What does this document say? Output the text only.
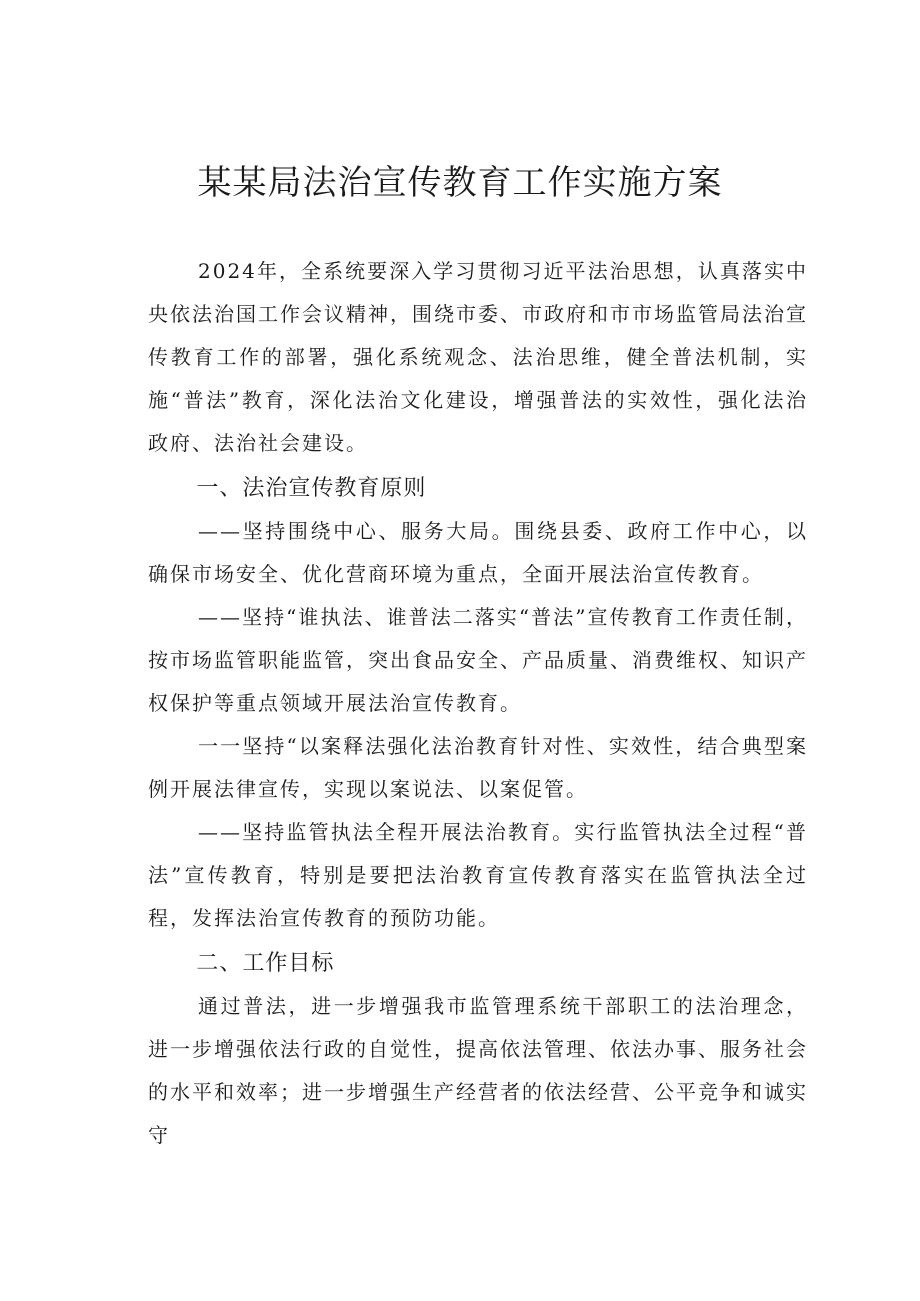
某某局法治宣传教育工作实施方案

2024年，全系统要深入学习贯彻习近平法治思想，认真落实中央依法治国工作会议精神，围绕市委、市政府和市市场监管局法治宣传教育工作的部署，强化系统观念、法治思维，健全普法机制，实施“普法”教育，深化法治文化建设，增强普法的实效性，强化法治政府、法治社会建设。

一、法治宣传教育原则

——坚持围绕中心、服务大局。围绕县委、政府工作中心，以确保市场安全、优化营商环境为重点，全面开展法治宣传教育。

——坚持“谁执法、谁普法二落实“普法”宣传教育工作责任制，按市场监管职能监管，突出食品安全、产品质量、消费维权、知识产权保护等重点领域开展法治宣传教育。

一一坚持“以案释法强化法治教育针对性、实效性，结合典型案例开展法律宣传，实现以案说法、以案促管。

——坚持监管执法全程开展法治教育。实行监管执法全过程“普法”宣传教育，特别是要把法治教育宣传教育落实在监管执法全过程，发挥法治宣传教育的预防功能。

二、工作目标

通过普法，进一步增强我市监管理系统干部职工的法治理念，进一步增强依法行政的自觉性，提高依法管理、依法办事、服务社会的水平和效率；进一步增强生产经营者的依法经营、公平竞争和诚实守
